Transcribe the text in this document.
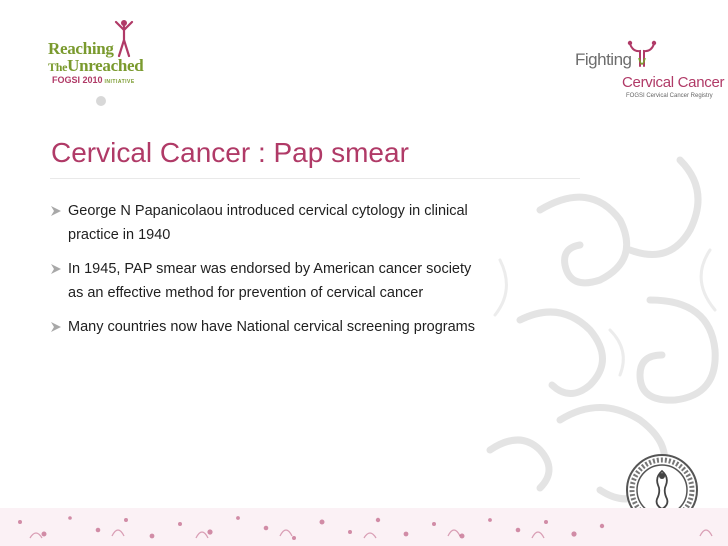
Reaching
TheUnreached
FOGSI 2010 INITIATIVE
Fighting
Cervical Cancer
FOGSI Cervical Cancer Registry
Cervical Cancer : Pap smear
George N Papanicolaou introduced cervical cytology in clinical practice in 1940
In 1945, PAP smear was endorsed by American cancer society as an effective method for prevention of cervical cancer
Many countries now have National cervical screening programs
